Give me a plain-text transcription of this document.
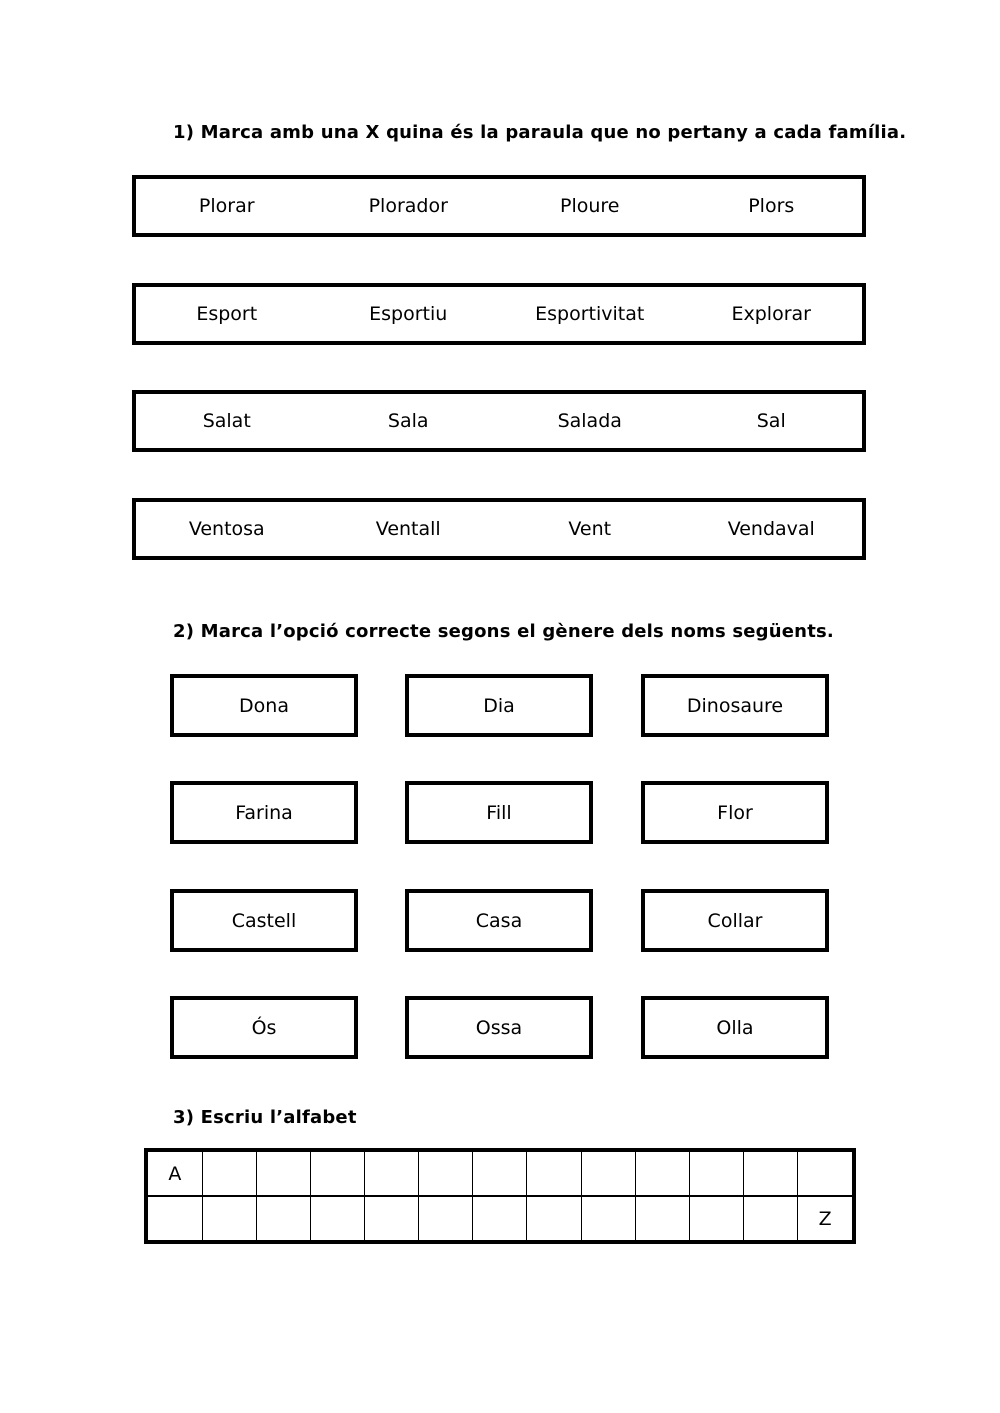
1) Marca amb una X quina és la paraula que no pertany a cada família.
Plorar	Plorador	Ploure	Plors
Esport	Esportiu	Esportivitat	Explorar
Salat	Sala	Salada	Sal
Ventosa	Ventall	Vent	Vendaval
2) Marca l’opció correcte segons el gènere dels noms següents.
Dona	Dia	Dinosaure
Farina	Fill	Flor
Castell	Casa	Collar
Ós	Ossa	Olla
3) Escriu l’alfabet
A												
												Z
